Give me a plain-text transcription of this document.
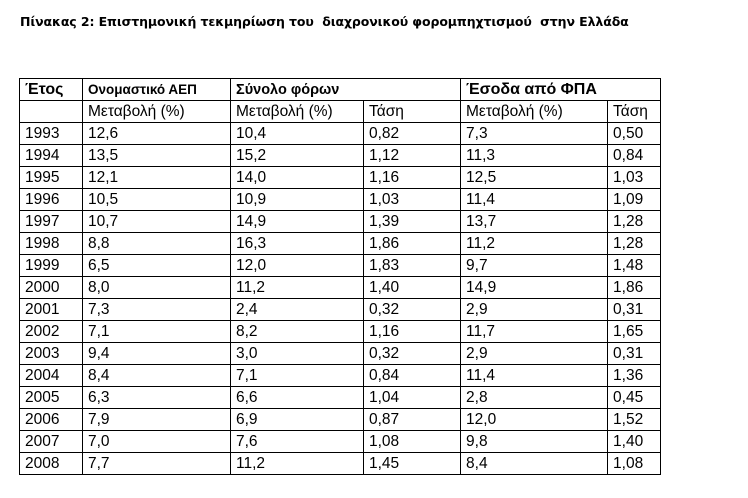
Πίνακας 2: Επιστημονική τεκμηρίωση του  διαχρονικού φορομπηχτισμού  στην Ελλάδα
Έτος	Ονομαστικό ΑΕΠ	Σύνολο φόρων		Έσοδα από ΦΠΑ	
	Μεταβολή (%)	Μεταβολή (%)	Τάση	Μεταβολή (%)	Τάση
1993	12,6	10,4	0,82	7,3	0,50
1994	13,5	15,2	1,12	11,3	0,84
1995	12,1	14,0	1,16	12,5	1,03
1996	10,5	10,9	1,03	11,4	1,09
1997	10,7	14,9	1,39	13,7	1,28
1998	8,8	16,3	1,86	11,2	1,28
1999	6,5	12,0	1,83	9,7	1,48
2000	8,0	11,2	1,40	14,9	1,86
2001	7,3	2,4	0,32	2,9	0,31
2002	7,1	8,2	1,16	11,7	1,65
2003	9,4	3,0	0,32	2,9	0,31
2004	8,4	7,1	0,84	11,4	1,36
2005	6,3	6,6	1,04	2,8	0,45
2006	7,9	6,9	0,87	12,0	1,52
2007	7,0	7,6	1,08	9,8	1,40
2008	7,7	11,2	1,45	8,4	1,08
